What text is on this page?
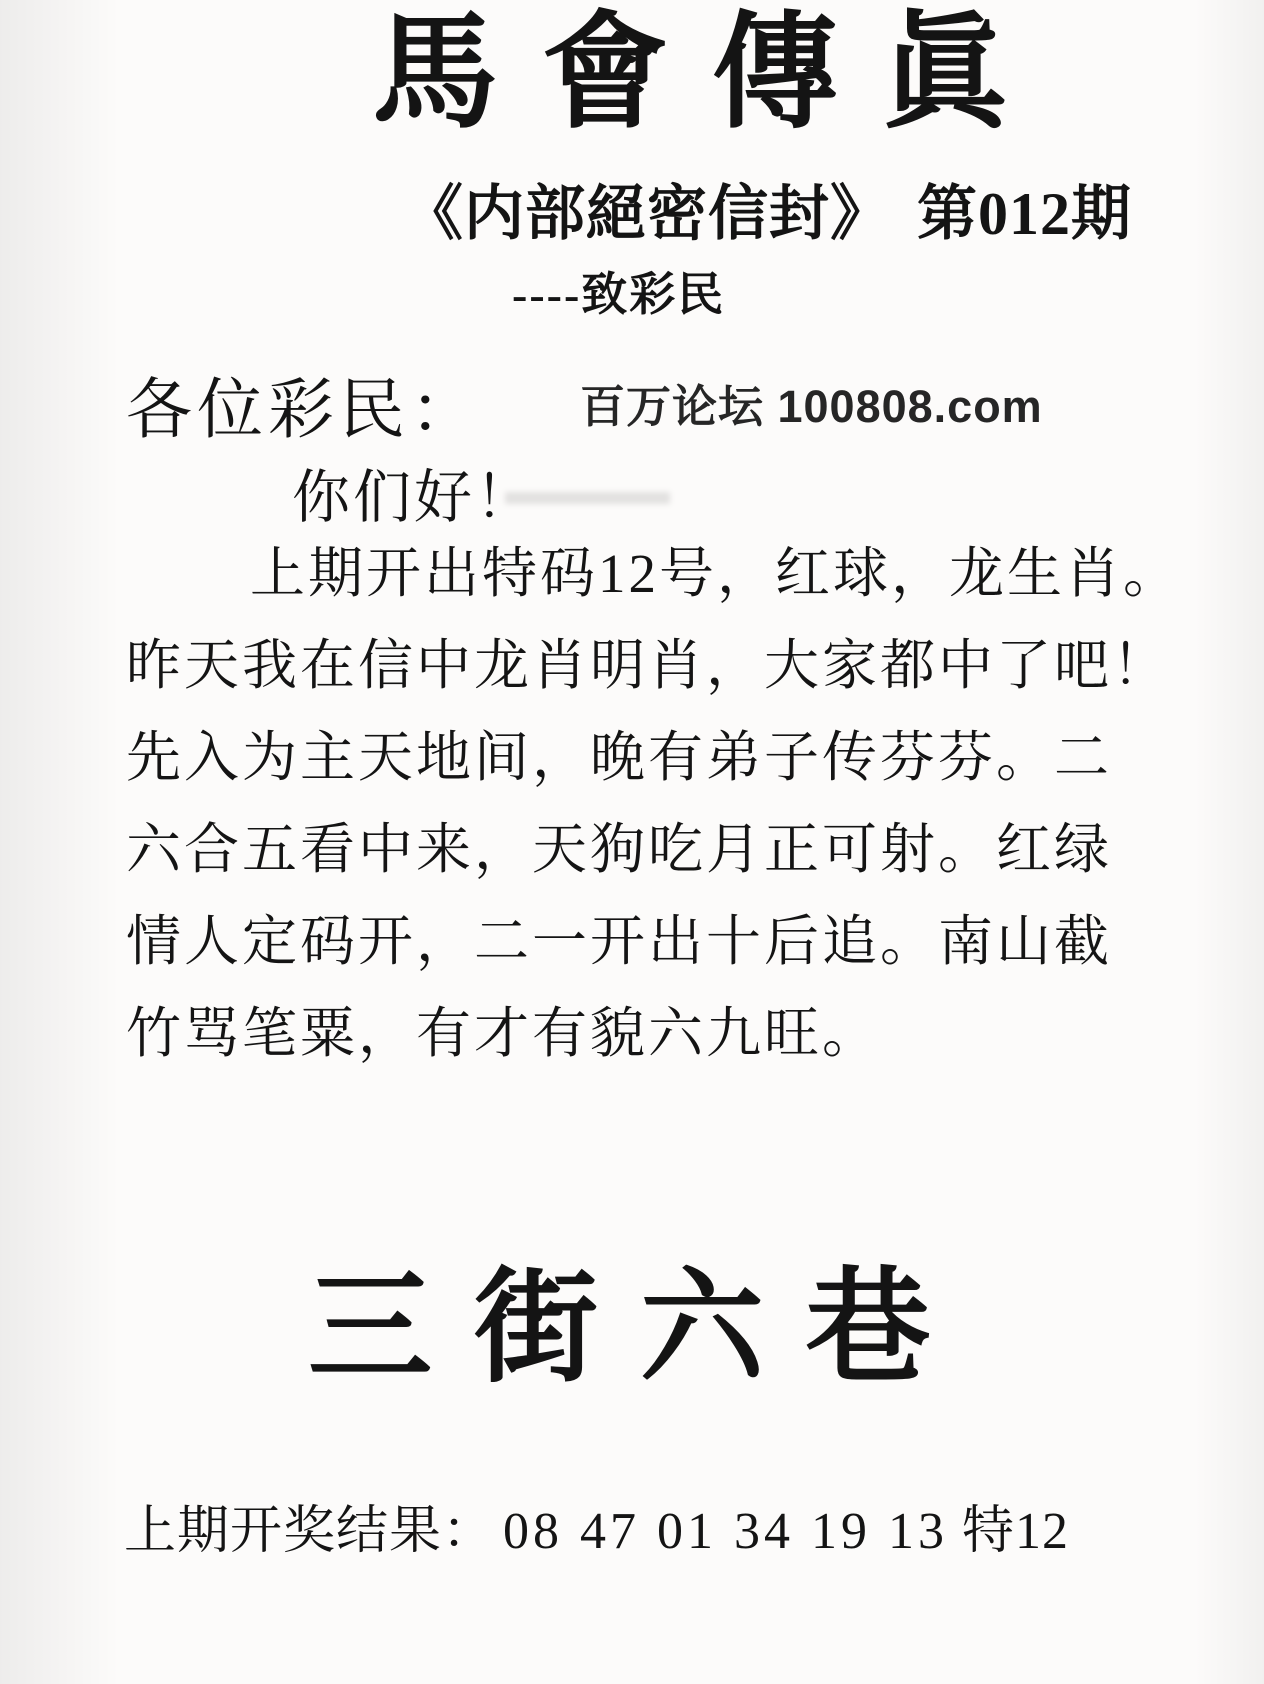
馬會傳眞
《内部絕密信封》 第012期
----致彩民
百万论坛 100808.com
各位彩民：
你们好！
上期开出特码12号，红球，龙生肖。
昨天我在信中龙肖明肖，大家都中了吧！
先入为主天地间，晚有弟子传芬芬。二
六合五看中来，天狗吃月正可射。红绿
情人定码开，二一开出十后追。南山截
竹骂笔粟，有才有貌六九旺。
三街六巷
上期开奖结果： 08 47 01 34 19 13 特12
